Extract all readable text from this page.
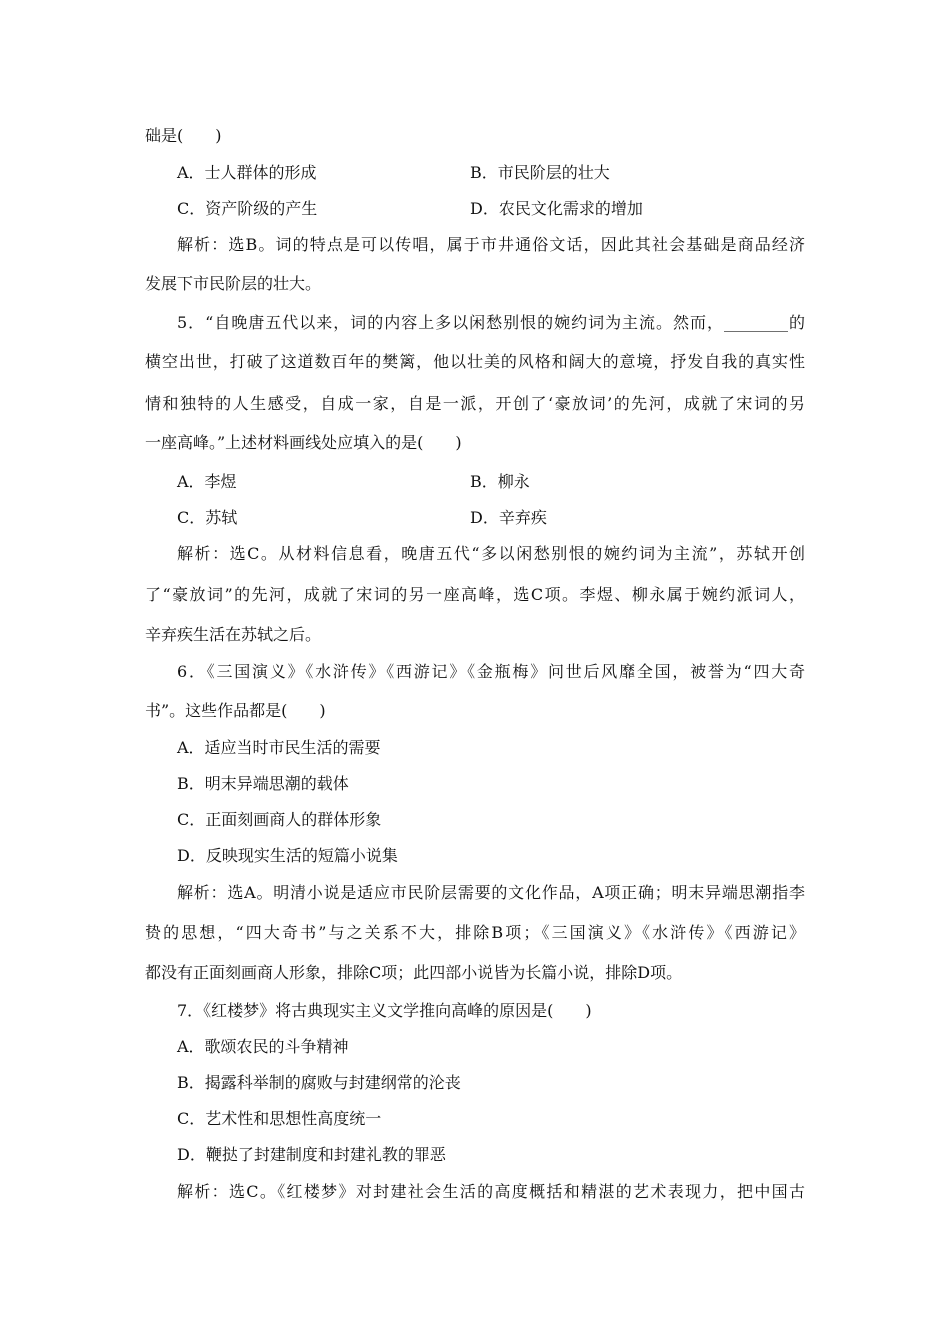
础是(　　)
A．士人群体的形成	B．市民阶层的壮大
C．资产阶级的产生	D．农民文化需求的增加
解析：选B。词的特点是可以传唱，属于市井通俗文话，因此其社会基础是商品经济
发展下市民阶层的壮大。
5．“自晚唐五代以来，词的内容上多以闲愁别恨的婉约词为主流。然而，________的
横空出世，打破了这道数百年的樊篱，他以壮美的风格和阔大的意境，抒发自我的真实性
情和独特的人生感受，自成一家，自是一派，开创了‘豪放词’的先河，成就了宋词的另
一座高峰。”上述材料画线处应填入的是(　　)
A．李煜	B．柳永
C．苏轼	D．辛弃疾
解析：选C。从材料信息看，晚唐五代“多以闲愁别恨的婉约词为主流”，苏轼开创
了“豪放词”的先河，成就了宋词的另一座高峰，选C项。李煜、柳永属于婉约派词人，
辛弃疾生活在苏轼之后。
6．《三国演义》《水浒传》《西游记》《金瓶梅》问世后风靡全国，被誉为“四大奇
书”。这些作品都是(　　)
A．适应当时市民生活的需要
B．明末异端思潮的载体
C．正面刻画商人的群体形象
D．反映现实生活的短篇小说集
解析：选A。明清小说是适应市民阶层需要的文化作品，A项正确；明末异端思潮指李
贽的思想，“四大奇书”与之关系不大，排除B项；《三国演义》《水浒传》《西游记》
都没有正面刻画商人形象，排除C项；此四部小说皆为长篇小说，排除D项。
7．《红楼梦》将古典现实主义文学推向高峰的原因是(　　)
A．歌颂农民的斗争精神
B．揭露科举制的腐败与封建纲常的沦丧
C．艺术性和思想性高度统一
D．鞭挞了封建制度和封建礼教的罪恶
解析：选C。《红楼梦》对封建社会生活的高度概括和精湛的艺术表现力，把中国古
